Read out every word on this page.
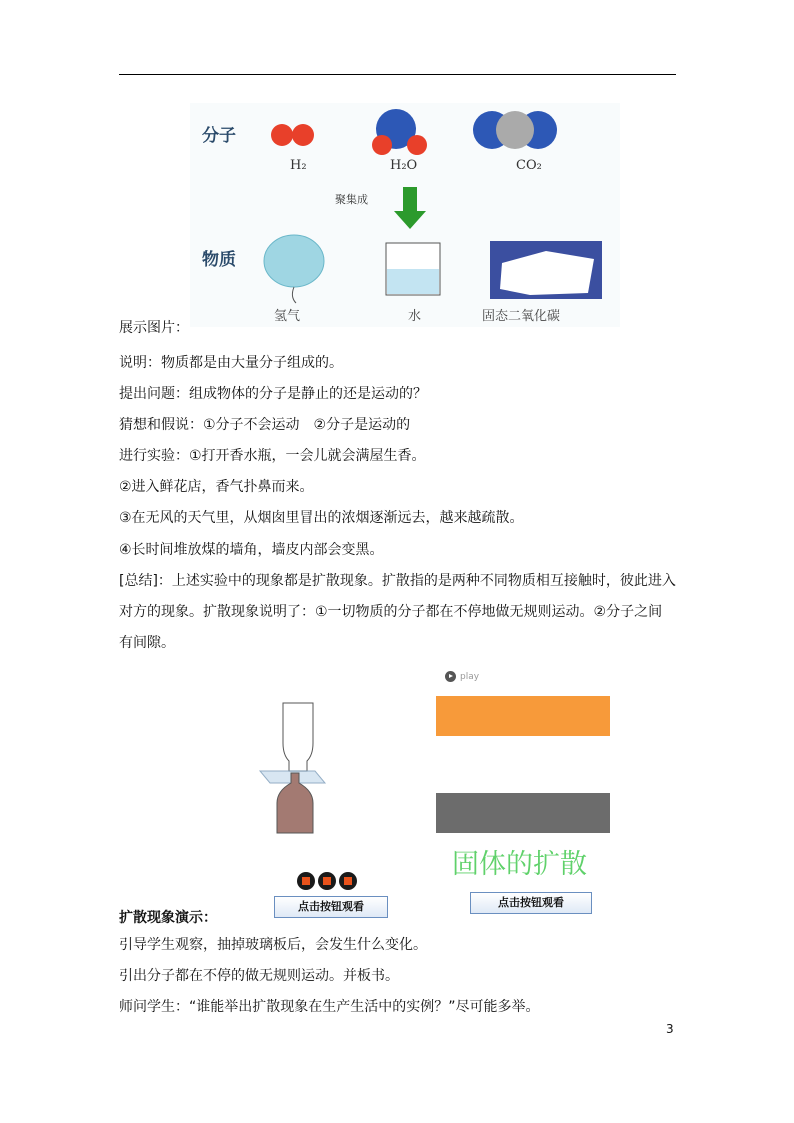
分子
H₂	H₂O	CO₂
聚集成
物质
氢气	水	固态二氧化碳
展示图片：
说明：物质都是由大量分子组成的。
提出问题：组成物体的分子是静止的还是运动的？
猜想和假说：①分子不会运动　②分子是运动的
进行实验：①打开香水瓶，一会儿就会满屋生香。
②进入鲜花店，香气扑鼻而来。
③在无风的天气里，从烟囱里冒出的浓烟逐渐远去，越来越疏散。
④长时间堆放煤的墙角，墙皮内部会变黑。
[总结]：上述实验中的现象都是扩散现象。扩散指的是两种不同物质相互接触时，彼此进入对方的现象。扩散现象说明了：①一切物质的分子都在不停地做无规则运动。②分子之间有间隙。
play
固体的扩散
点击按钮观看	点击按钮观看
扩散现象演示：
引导学生观察，抽掉玻璃板后，会发生什么变化。
引出分子都在不停的做无规则运动。并板书。
师问学生：“谁能举出扩散现象在生产生活中的实例？”尽可能多举。
3
